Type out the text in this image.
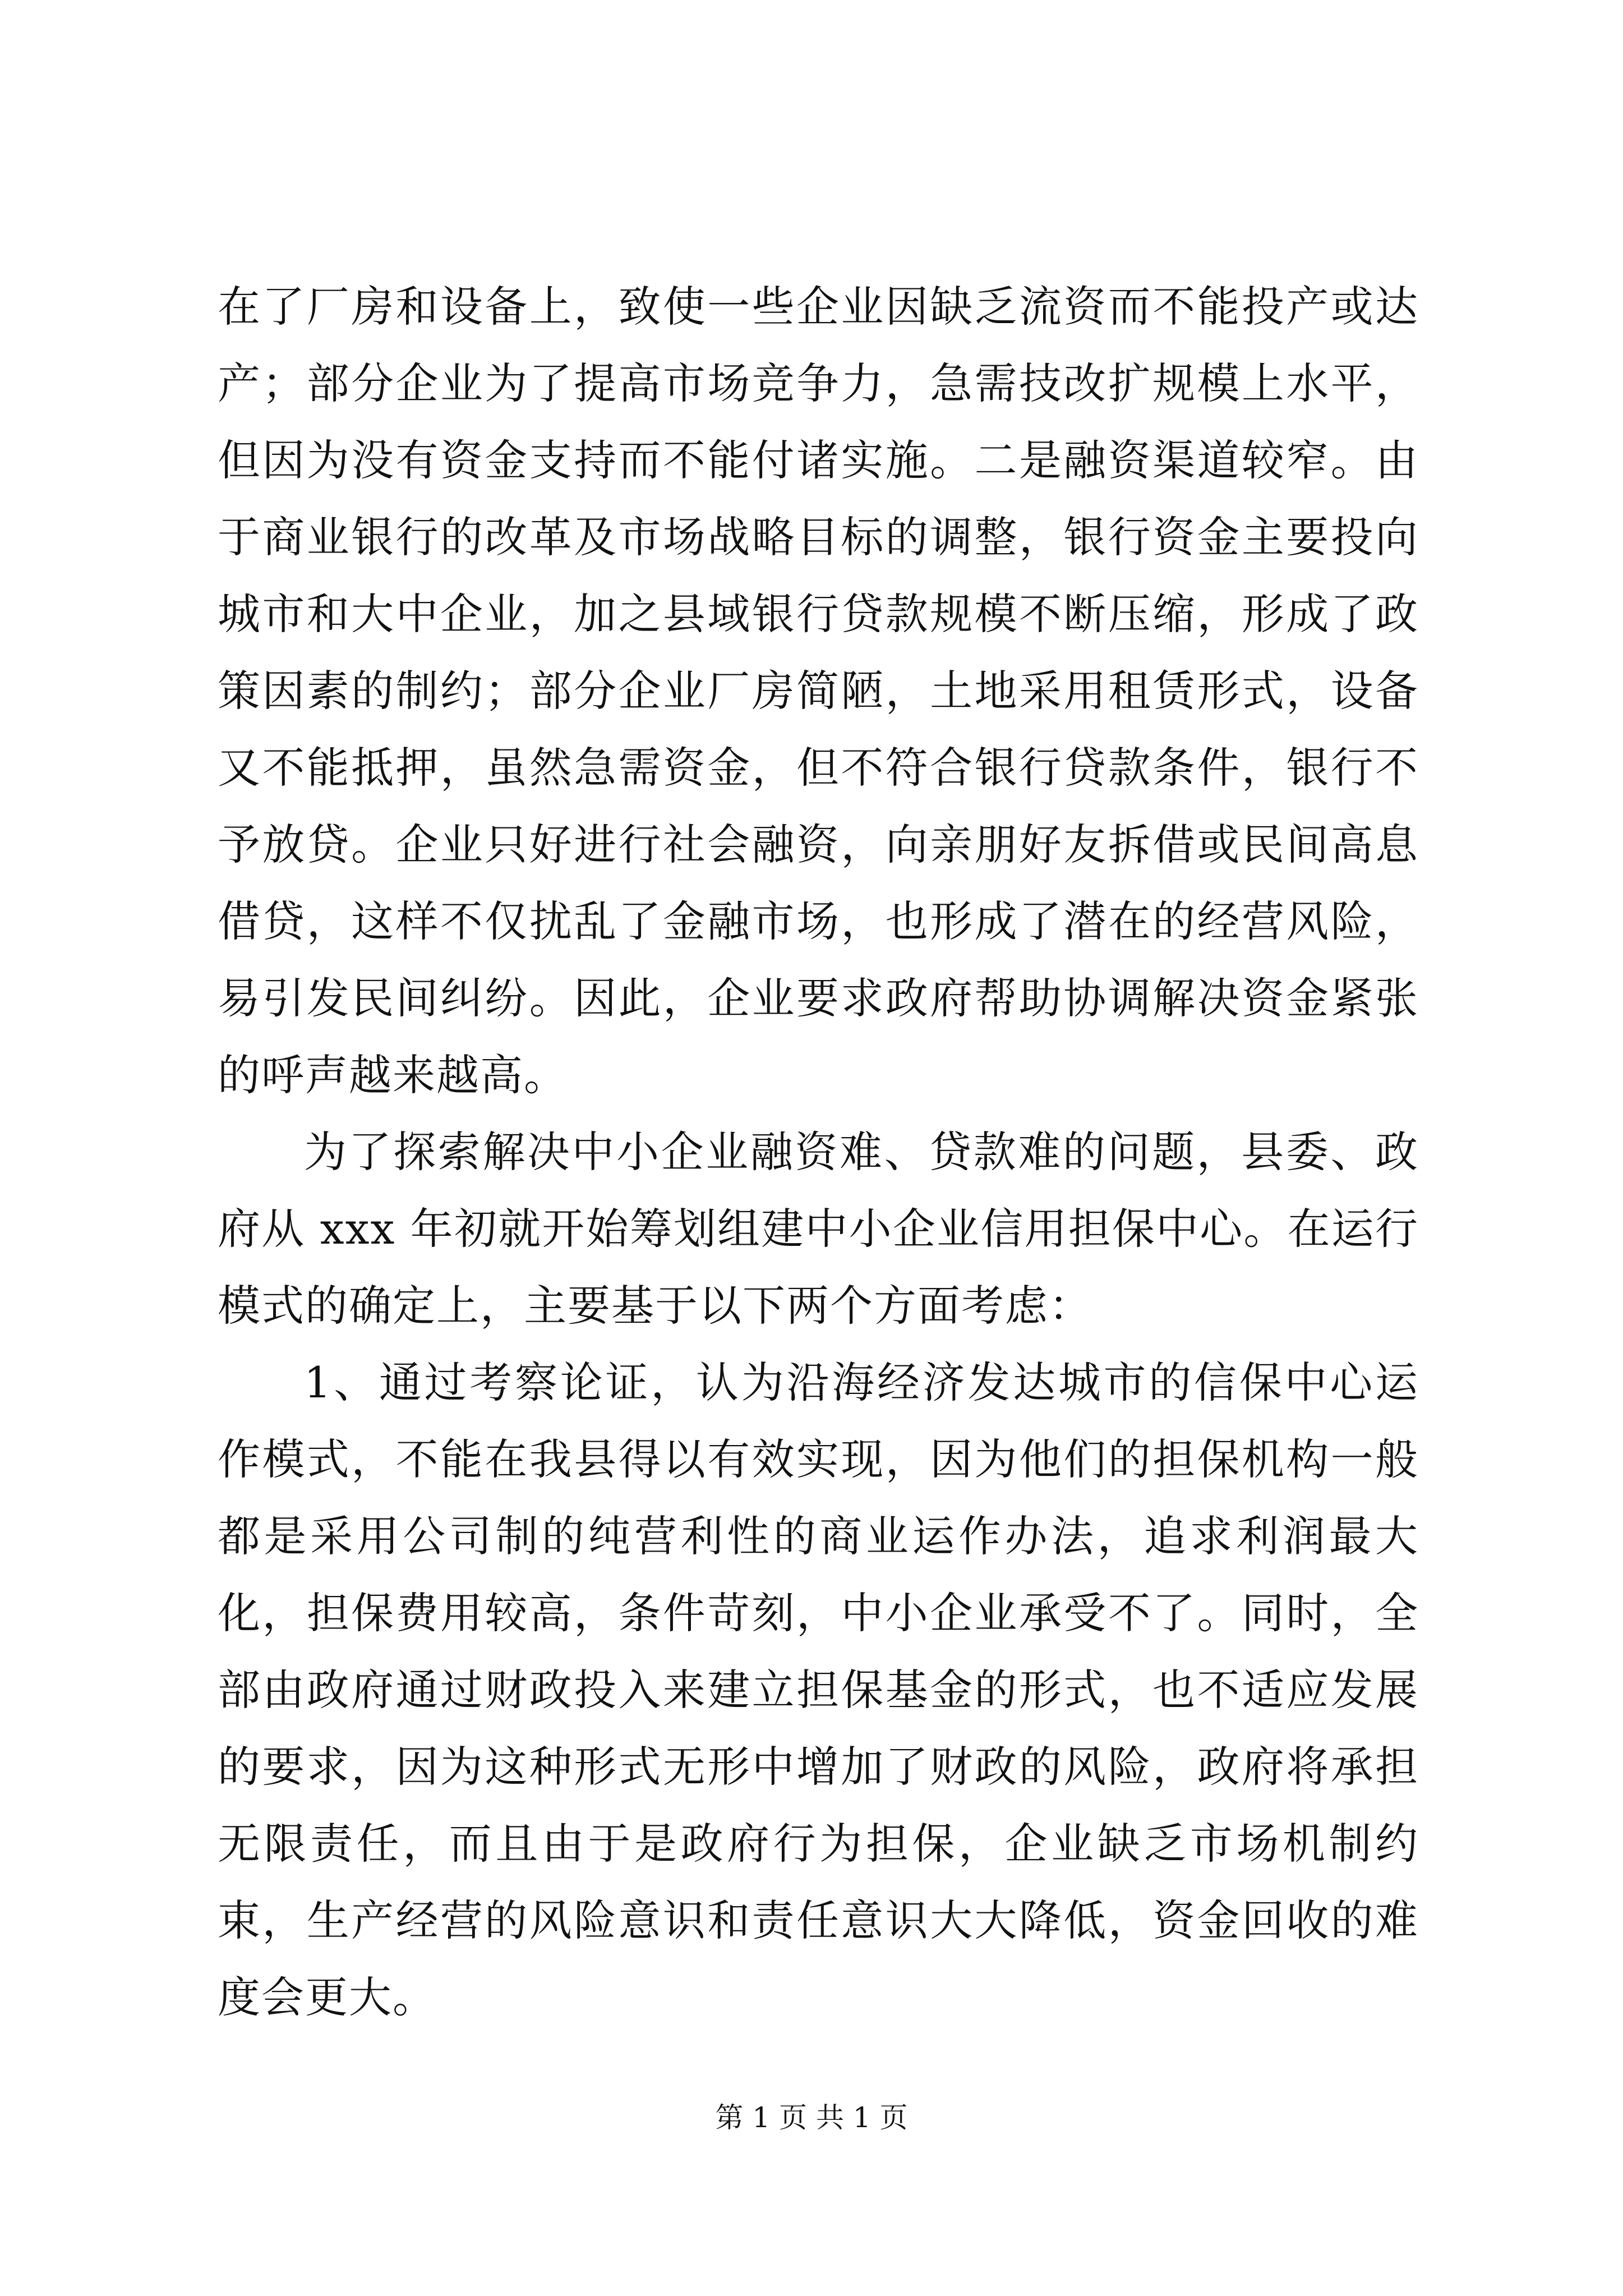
在了厂房和设备上，致使一些企业因缺乏流资而不能投产或达产；部分企业为了提高市场竞争力，急需技改扩规模上水平，但因为没有资金支持而不能付诸实施。二是融资渠道较窄。由于商业银行的改革及市场战略目标的调整，银行资金主要投向城市和大中企业，加之县域银行贷款规模不断压缩，形成了政策因素的制约；部分企业厂房简陋，土地采用租赁形式，设备又不能抵押，虽然急需资金，但不符合银行贷款条件，银行不予放贷。企业只好进行社会融资，向亲朋好友拆借或民间高息借贷，这样不仅扰乱了金融市场，也形成了潜在的经营风险，易引发民间纠纷。因此，企业要求政府帮助协调解决资金紧张的呼声越来越高。

为了探索解决中小企业融资难、贷款难的问题，县委、政府从 xxx 年初就开始筹划组建中小企业信用担保中心。在运行模式的确定上，主要基于以下两个方面考虑：

1、通过考察论证，认为沿海经济发达城市的信保中心运作模式，不能在我县得以有效实现，因为他们的担保机构一般都是采用公司制的纯营利性的商业运作办法，追求利润最大化，担保费用较高，条件苛刻，中小企业承受不了。同时，全部由政府通过财政投入来建立担保基金的形式，也不适应发展的要求，因为这种形式无形中增加了财政的风险，政府将承担无限责任，而且由于是政府行为担保，企业缺乏市场机制约束，生产经营的风险意识和责任意识大大降低，资金回收的难度会更大。

第 1 页 共 1 页
